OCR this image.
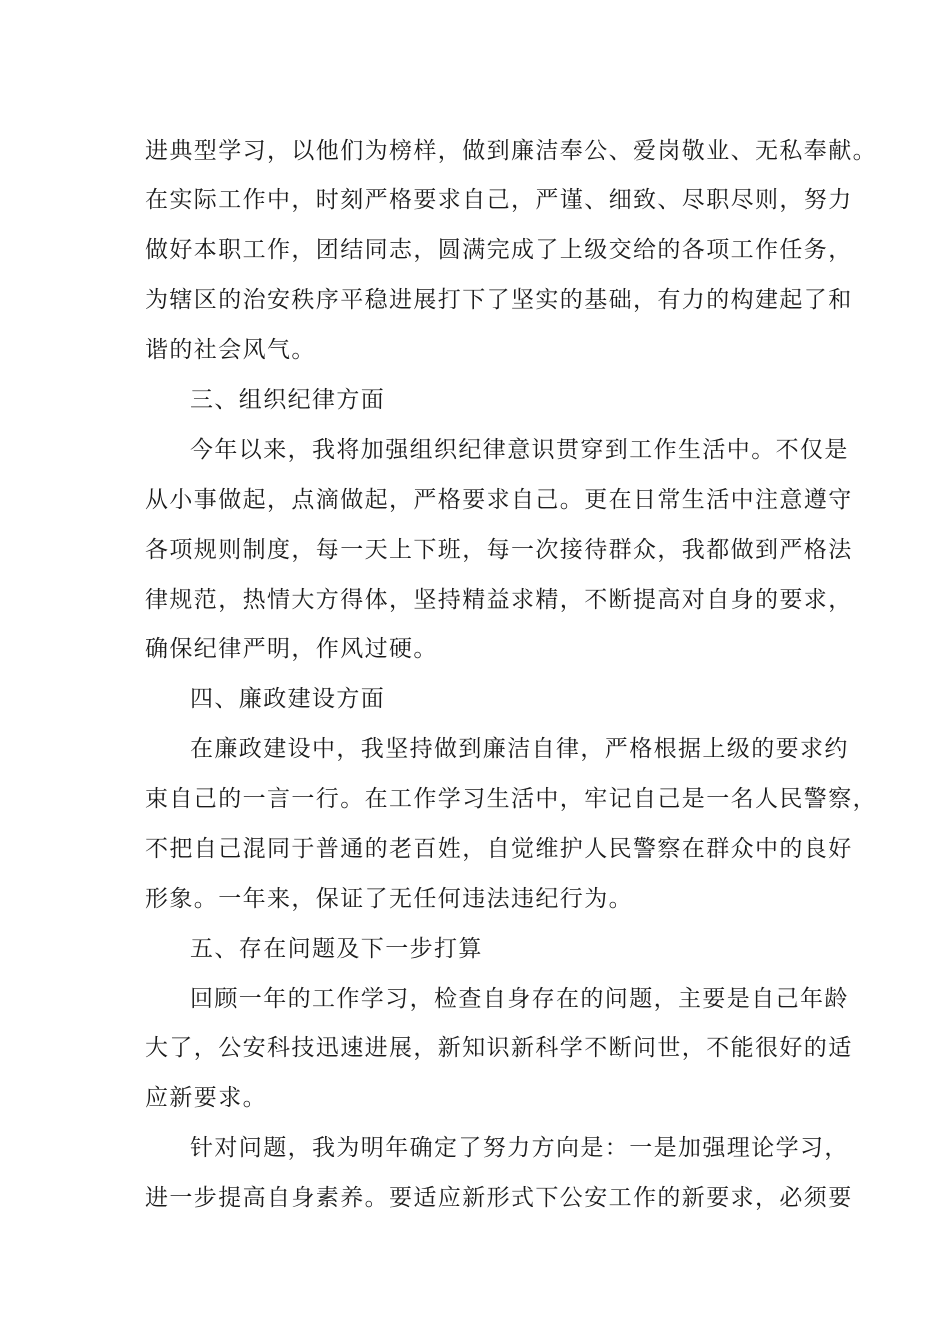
进典型学习，以他们为榜样，做到廉洁奉公、爱岗敬业、无私奉献。
在实际工作中，时刻严格要求自己，严谨、细致、尽职尽则，努力
做好本职工作，团结同志，圆满完成了上级交给的各项工作任务，
为辖区的治安秩序平稳进展打下了坚实的基础，有力的构建起了和
谐的社会风气。
三、组织纪律方面
今年以来，我将加强组织纪律意识贯穿到工作生活中。不仅是
从小事做起，点滴做起，严格要求自己。更在日常生活中注意遵守
各项规则制度，每一天上下班，每一次接待群众，我都做到严格法
律规范，热情大方得体，坚持精益求精，不断提高对自身的要求，
确保纪律严明，作风过硬。
四、廉政建设方面
在廉政建设中，我坚持做到廉洁自律，严格根据上级的要求约
束自己的一言一行。在工作学习生活中，牢记自己是一名人民警察，
不把自己混同于普通的老百姓，自觉维护人民警察在群众中的良好
形象。一年来，保证了无任何违法违纪行为。
五、存在问题及下一步打算
回顾一年的工作学习，检查自身存在的问题，主要是自己年龄
大了，公安科技迅速进展，新知识新科学不断问世，不能很好的适
应新要求。
针对问题，我为明年确定了努力方向是：一是加强理论学习，
进一步提高自身素养。要适应新形式下公安工作的新要求，必须要
